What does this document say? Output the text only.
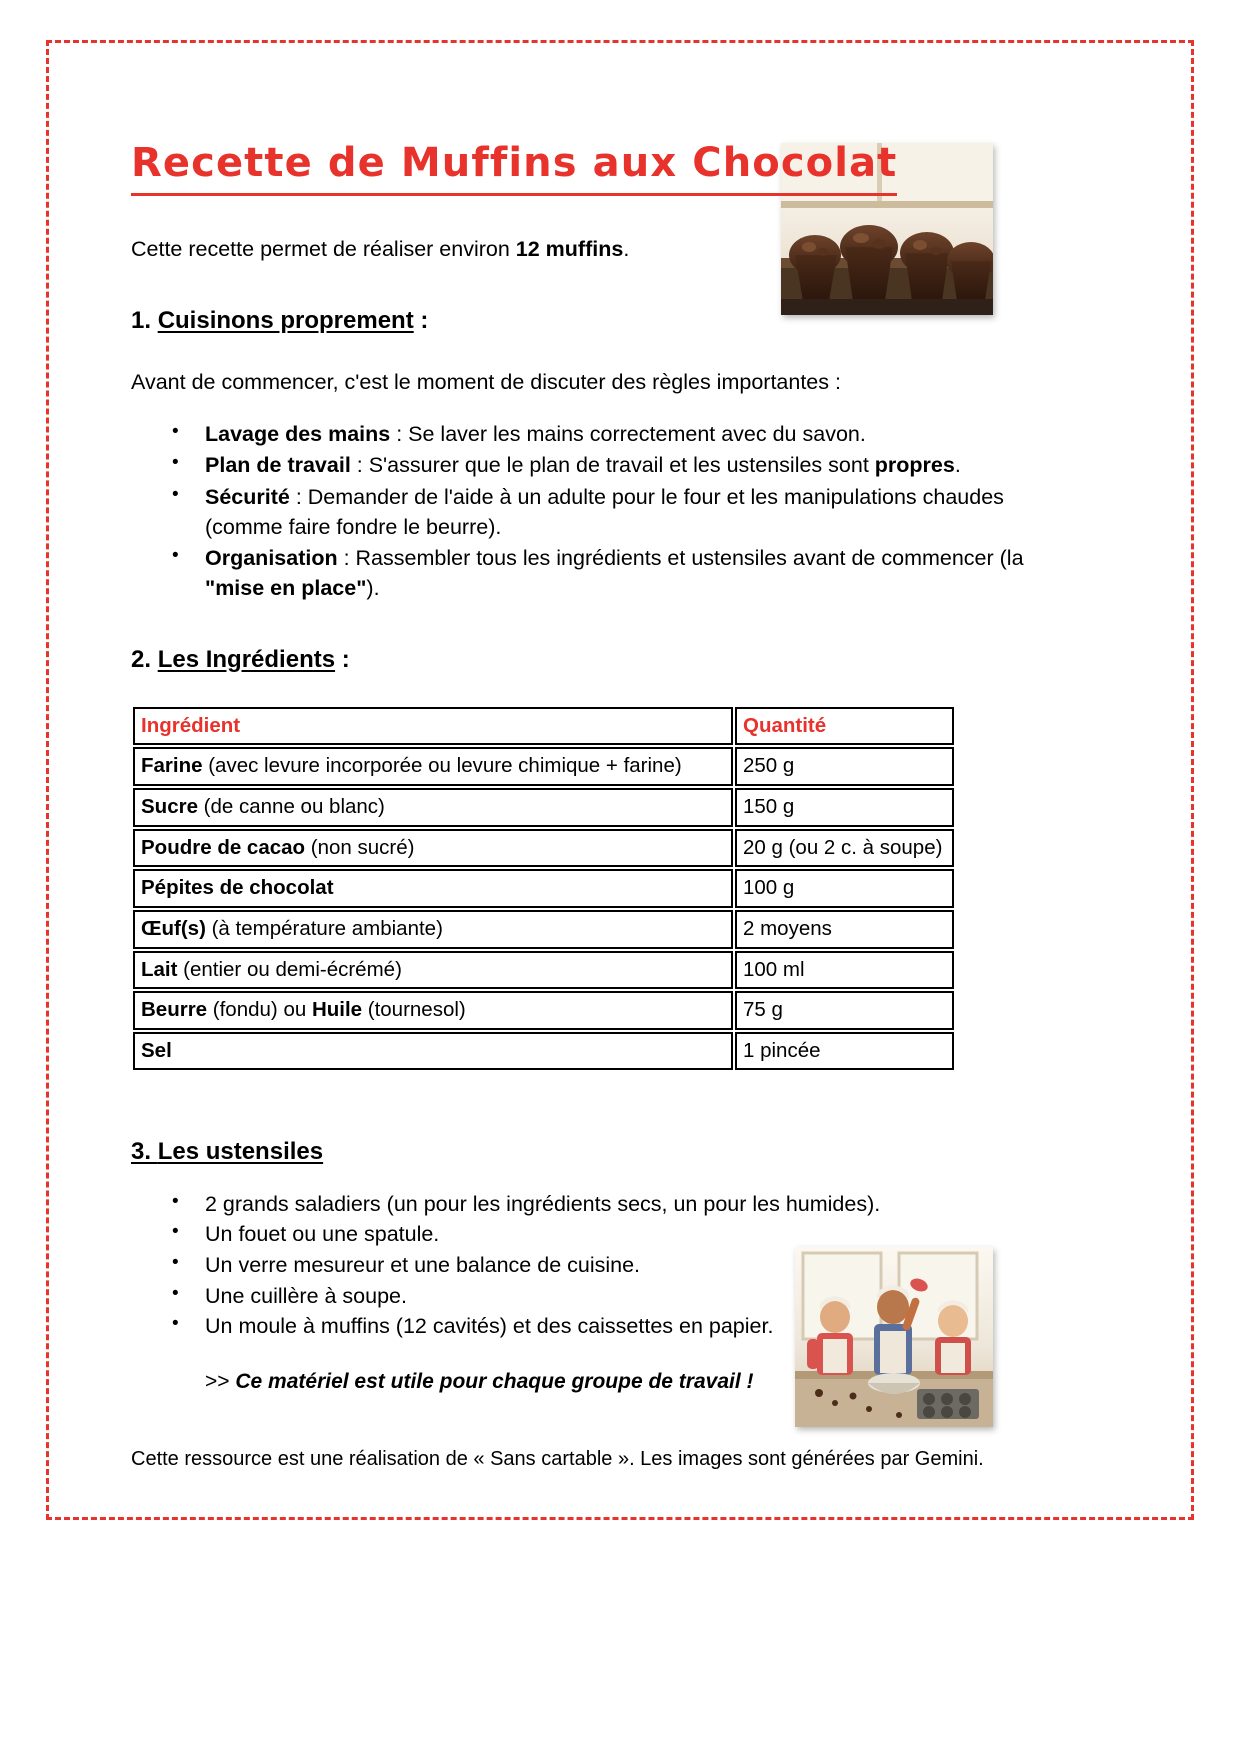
Recette de Muffins aux Chocolat

Cette recette permet de réaliser environ 12 muffins.

1. Cuisinons proprement :

Avant de commencer, c'est le moment de discuter des règles importantes :

• Lavage des mains : Se laver les mains correctement avec du savon.
• Plan de travail : S'assurer que le plan de travail et les ustensiles sont propres.
• Sécurité : Demander de l'aide à un adulte pour le four et les manipulations chaudes (comme faire fondre le beurre).
• Organisation : Rassembler tous les ingrédients et ustensiles avant de commencer (la "mise en place").

2. Les Ingrédients :

Ingrédient	Quantité
Farine (avec levure incorporée ou levure chimique + farine)	250 g
Sucre (de canne ou blanc)	150 g
Poudre de cacao (non sucré)	20 g (ou 2 c. à soupe)
Pépites de chocolat	100 g
Œuf(s) (à température ambiante)	2 moyens
Lait (entier ou demi-écrémé)	100 ml
Beurre (fondu) ou Huile (tournesol)	75 g
Sel	1 pincée

3. Les ustensiles

• 2 grands saladiers (un pour les ingrédients secs, un pour les humides).
• Un fouet ou une spatule.
• Un verre mesureur et une balance de cuisine.
• Une cuillère à soupe.
• Un moule à muffins (12 cavités) et des caissettes en papier.

>> Ce matériel est utile pour chaque groupe de travail !

Cette ressource est une réalisation de « Sans cartable ». Les images sont générées par Gemini.
